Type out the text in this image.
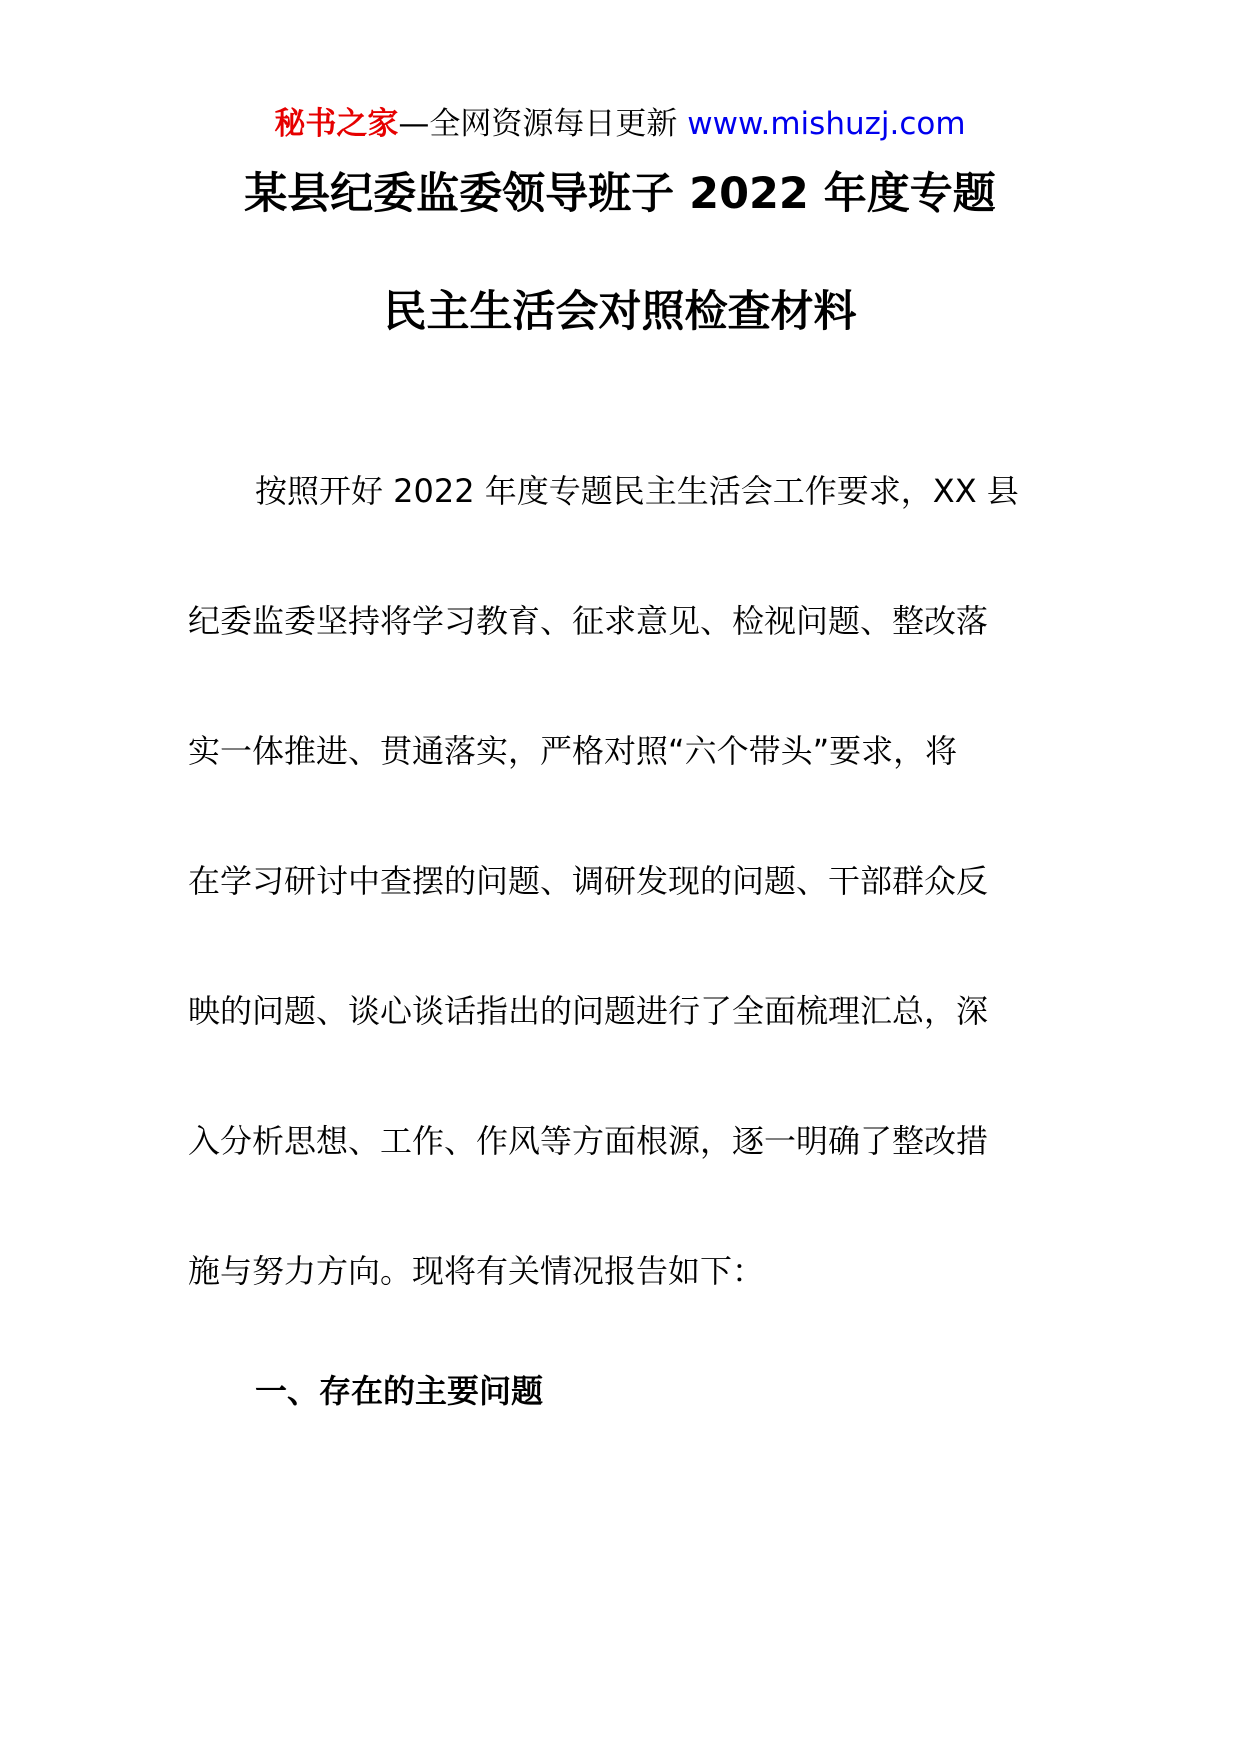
秘书之家—全网资源每日更新 www.mishuzj.com
某县纪委监委领导班子 2022 年度专题
民主生活会对照检查材料
按照开好 2022 年度专题民主生活会工作要求，XX 县
纪委监委坚持将学习教育、征求意见、检视问题、整改落
实一体推进、贯通落实，严格对照“六个带头”要求，将
在学习研讨中查摆的问题、调研发现的问题、干部群众反
映的问题、谈心谈话指出的问题进行了全面梳理汇总，深
入分析思想、工作、作风等方面根源，逐一明确了整改措
施与努力方向。现将有关情况报告如下：
一、存在的主要问题
